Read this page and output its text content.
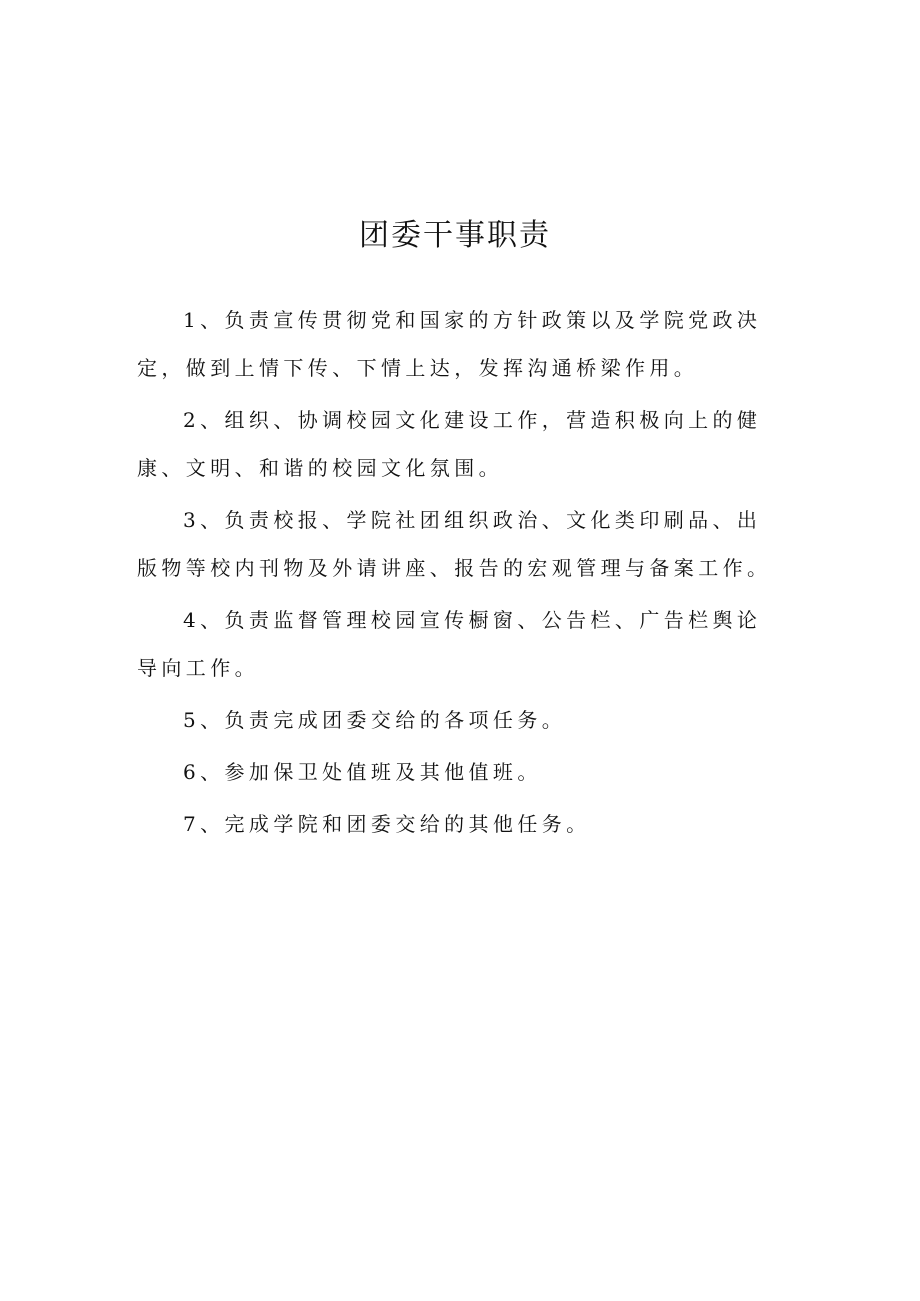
团委干事职责

1、负责宣传贯彻党和国家的方针政策以及学院党政决定，做到上情下传、下情上达，发挥沟通桥梁作用。

2、组织、协调校园文化建设工作，营造积极向上的健康、文明、和谐的校园文化氛围。

3、负责校报、学院社团组织政治、文化类印刷品、出版物等校内刊物及外请讲座、报告的宏观管理与备案工作。

4、负责监督管理校园宣传橱窗、公告栏、广告栏舆论导向工作。

5、负责完成团委交给的各项任务。

6、参加保卫处值班及其他值班。

7、完成学院和团委交给的其他任务。
